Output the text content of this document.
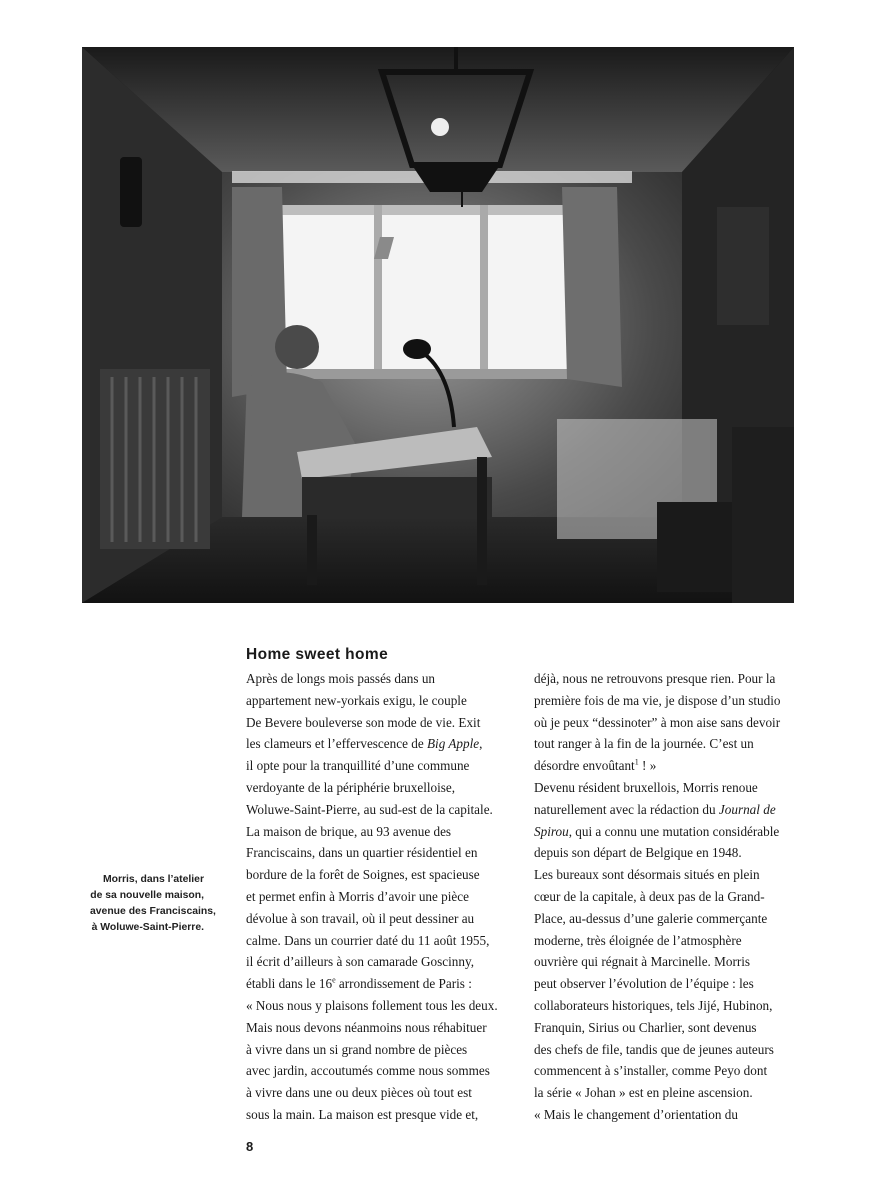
Morris, dans l’atelier
de sa nouvelle maison,
avenue des Franciscains,
à Woluwe-Saint-Pierre.
Home sweet home
Après de longs mois passés dans un
appartement new-yorkais exigu, le couple
De Bevere bouleverse son mode de vie. Exit
les clameurs et l’effervescence de Big Apple,
il opte pour la tranquillité d’une commune
verdoyante de la périphérie bruxelloise,
Woluwe-Saint-Pierre, au sud-est de la capitale.
La maison de brique, au 93 avenue des
Franciscains, dans un quartier résidentiel en
bordure de la forêt de Soignes, est spacieuse
et permet enfin à Morris d’avoir une pièce
dévolue à son travail, où il peut dessiner au
calme. Dans un courrier daté du 11 août 1955,
il écrit d’ailleurs à son camarade Goscinny,
établi dans le 16e arrondissement de Paris :
« Nous nous y plaisons follement tous les deux.
Mais nous devons néanmoins nous réhabituer
à vivre dans un si grand nombre de pièces
avec jardin, accoutumés comme nous sommes
à vivre dans une ou deux pièces où tout est
sous la main. La maison est presque vide et,
déjà, nous ne retrouvons presque rien. Pour la
première fois de ma vie, je dispose d’un studio
où je peux “dessinoter” à mon aise sans devoir
tout ranger à la fin de la journée. C’est un
désordre envoûtant$^1$ ! »
Devenu résident bruxellois, Morris renoue
naturellement avec la rédaction du Journal de
Spirou, qui a connu une mutation considérable
depuis son départ de Belgique en 1948.
Les bureaux sont désormais situés en plein
cœur de la capitale, à deux pas de la Grand-
Place, au-dessus d’une galerie commerçante
moderne, très éloignée de l’atmosphère
ouvrière qui régnait à Marcinelle. Morris
peut observer l’évolution de l’équipe : les
collaborateurs historiques, tels Jijé, Hubinon,
Franquin, Sirius ou Charlier, sont devenus
des chefs de file, tandis que de jeunes auteurs
commencent à s’installer, comme Peyo dont
la série « Johan » est en pleine ascension.
« Mais le changement d’orientation du
8
